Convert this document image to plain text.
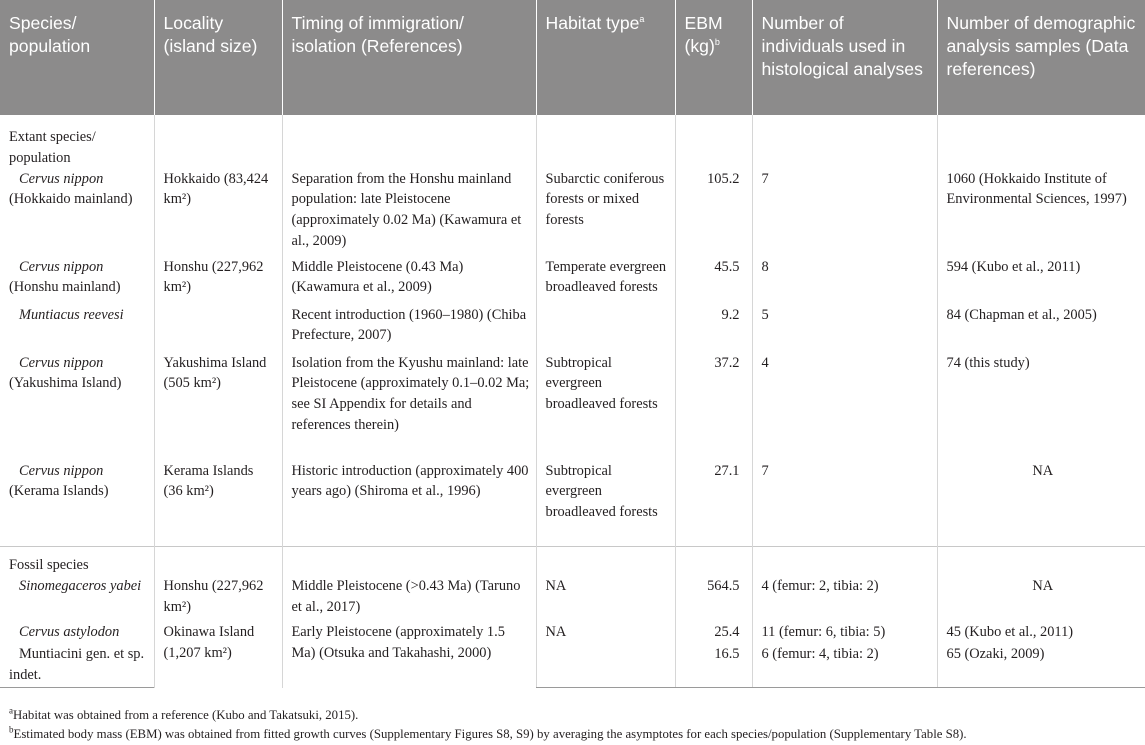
Species/ population	Locality (island size)	Timing of immigration/ isolation (References)	Habitat type$^a$	EBM (kg)$^b$	Number of individuals used in histological analyses	Number of demographic analysis samples (Data references)
Extant species/ population						
Cervus nippon (Hokkaido mainland)	Hokkaido (83,424 km²)	Separation from the Honshu mainland population: late Pleistocene (approximately 0.02 Ma) (Kawamura et al., 2009)	Subarctic coniferous forests or mixed forests	105.2	7	1060 (Hokkaido Institute of Environmental Sciences, 1997)
Cervus nippon (Honshu mainland)	Honshu (227,962 km²)	Middle Pleistocene (0.43 Ma) (Kawamura et al., 2009)	Temperate evergreen broadleaved forests	45.5	8	594 (Kubo et al., 2011)
Muntiacus reevesi		Recent introduction (1960–1980) (Chiba Prefecture, 2007)		9.2	5	84 (Chapman et al., 2005)
Cervus nippon (Yakushima Island)	Yakushima Island (505 km²)	Isolation from the Kyushu mainland: late Pleistocene (approximately 0.1–0.02 Ma; see SI Appendix for details and references therein)	Subtropical evergreen broadleaved forests	37.2	4	74 (this study)
Cervus nippon (Kerama Islands)	Kerama Islands (36 km²)	Historic introduction (approximately 400 years ago) (Shiroma et al., 1996)	Subtropical evergreen broadleaved forests	27.1	7	NA
Fossil species						
Sinomegaceros yabei	Honshu (227,962 km²)	Middle Pleistocene (>0.43 Ma) (Taruno et al., 2017)	NA	564.5	4 (femur: 2, tibia: 2)	NA
Cervus astylodon	Okinawa Island (1,207 km²)	Early Pleistocene (approximately 1.5 Ma) (Otsuka and Takahashi, 2000)	NA	25.4	11 (femur: 6, tibia: 5)	45 (Kubo et al., 2011)
Muntiacini gen. et sp. indet.				16.5	6 (femur: 4, tibia: 2)	65 (Ozaki, 2009)
$^a$Habitat was obtained from a reference (Kubo and Takatsuki, 2015).
$^b$Estimated body mass (EBM) was obtained from fitted growth curves (Supplementary Figures S8, S9) by averaging the asymptotes for each species/population (Supplementary Table S8).
